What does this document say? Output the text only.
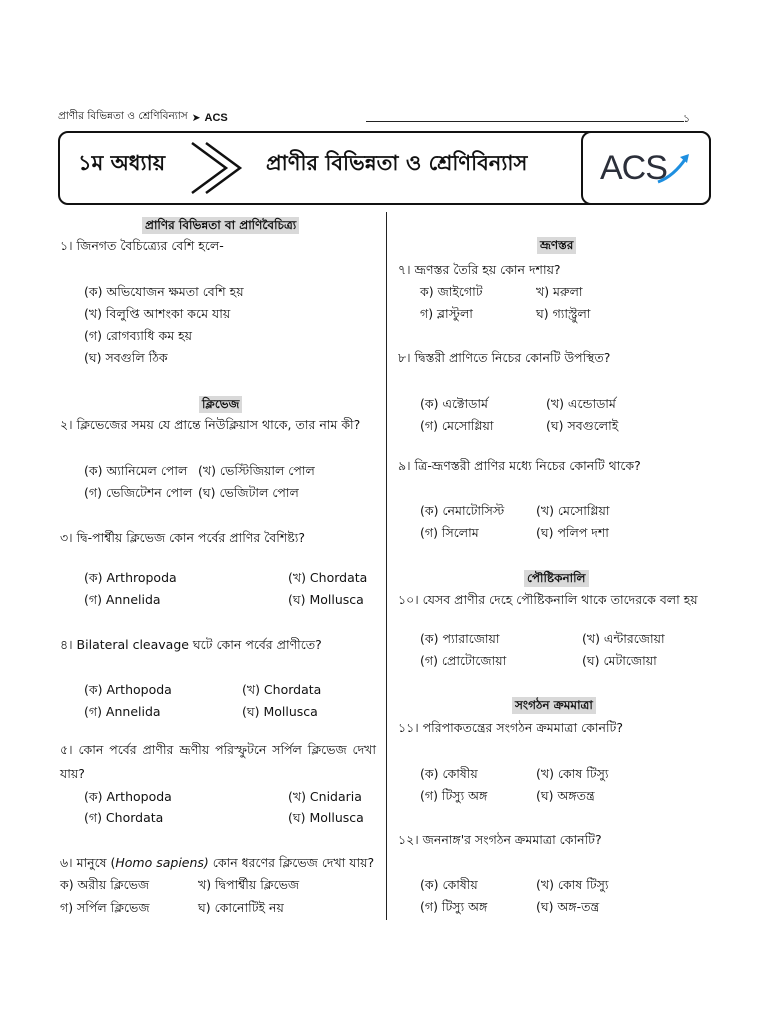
প্রাণীর বিভিন্নতা ও শ্রেণিবিন্যাস ➤ ACS	১
১ম অধ্যায়	প্রাণীর বিভিন্নতা ও শ্রেণিবিন্যাস ACS
প্রাণির বিভিন্নতা বা প্রাণিবৈচিত্র্য
১। জিনগত বৈচিত্র্যের বেশি হলে-
(ক) অভিযোজন ক্ষমতা বেশি হয়
(খ) বিলুপ্তি আশংকা কমে যায়
(গ) রোগব্যাধি কম হয়
(ঘ) সবগুলি ঠিক
ক্লিভেজ
২। ক্লিভেজের সময় যে প্রান্তে নিউক্লিয়াস থাকে, তার নাম কী?
(ক) অ্যানিমেল পোল (খ) ভেস্টিজিয়াল পোল
(গ) ভেজিটেশন পোল (ঘ) ভেজিটাল পোল
৩। দ্বি-পার্শ্বীয় ক্লিভেজ কোন পর্বের প্রাণির বৈশিষ্ট্য?
(ক) Arthropoda	(খ) Chordata
(গ) Annelida	(ঘ) Mollusca
৪। Bilateral cleavage ঘটে কোন পর্বের প্রাণীতে?
(ক) Arthopoda	(খ) Chordata
(গ) Annelida	(ঘ) Mollusca
৫। কোন পর্বের প্রাণীর ভ্রূণীয় পরিস্ফুটনে সর্পিল ক্লিভেজ দেখা যায়?
(ক) Arthopoda	(খ) Cnidaria
(গ) Chordata	(ঘ) Mollusca
৬। মানুষে (Homo sapiens) কোন ধরণের ক্লিভেজ দেখা যায়?
ক) অরীয় ক্লিভেজ	খ) দ্বিপার্শ্বীয় ক্লিভেজ
গ) সর্পিল ক্লিভেজ	ঘ) কোনোটিই নয়
ভ্রূণস্তর
৭। ভ্রূণস্তর তৈরি হয় কোন দশায়?
ক) জাইগোট	খ) মরুলা
গ) ব্লাস্টুলা	ঘ) গ্যাস্ট্রুলা
৮। দ্বিস্তরী প্রাণিতে নিচের কোনটি উপস্থিত?
(ক) এক্টোডার্ম	(খ) এন্ডোডার্ম
(গ) মেসোগ্লিয়া	(ঘ) সবগুলোই
৯। ত্রি-ভ্রূণস্তরী প্রাণির মধ্যে নিচের কোনটি থাকে?
(ক) নেমাটোসিস্ট	(খ) মেসোগ্লিয়া
(গ) সিলোম	(ঘ) পলিপ দশা
পৌষ্টিকনালি
১০। যেসব প্রাণীর দেহে পৌষ্টিকনালি থাকে তাদেরকে বলা হয়
(ক) প্যারাজোয়া	(খ) এন্টারজোয়া
(গ) প্রোটোজোয়া	(ঘ) মেটাজোয়া
সংগঠন ক্রমমাত্রা
১১। পরিপাকতন্ত্রের সংগঠন ক্রমমাত্রা কোনটি?
(ক) কোষীয়	(খ) কোষ টিস্যু
(গ) টিস্যু অঙ্গ	(ঘ) অঙ্গতন্ত্র
১২। জননাঙ্গ'র সংগঠন ক্রমমাত্রা কোনটি?
(ক) কোষীয়	(খ) কোষ টিস্যু
(গ) টিস্যু অঙ্গ	(ঘ) অঙ্গ-তন্ত্র
